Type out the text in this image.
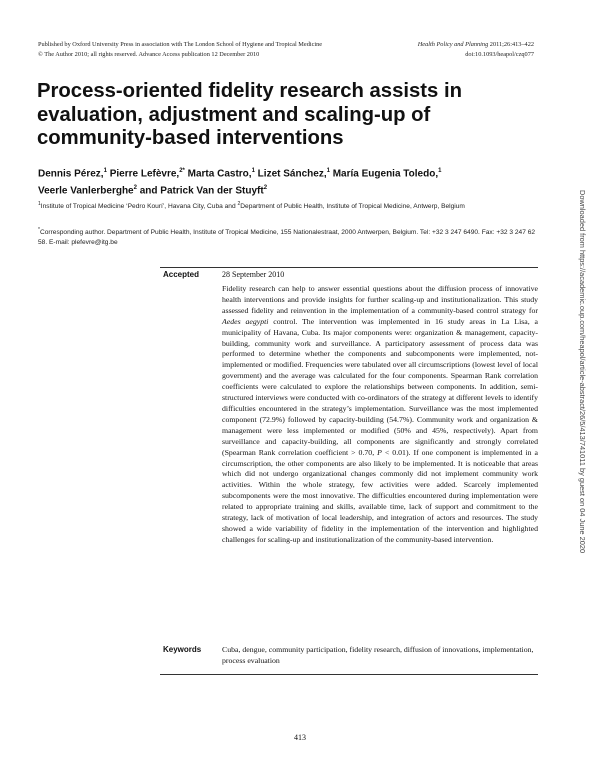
Published by Oxford University Press in association with The London School of Hygiene and Tropical Medicine
© The Author 2010; all rights reserved. Advance Access publication 12 December 2010
Health Policy and Planning 2011;26:413–422
doi:10.1093/heapol/czq077
Process-oriented fidelity research assists in evaluation, adjustment and scaling-up of community-based interventions
Dennis Pérez,$^1$ Pierre Lefèvre,$^{2*}$ Marta Castro,$^1$ Lizet Sánchez,$^1$ María Eugenia Toledo,$^1$
Veerle Vanlerberghe$^2$ and Patrick Van der Stuyft$^2$
$^1$Institute of Tropical Medicine ‘Pedro Kourí’, Havana City, Cuba and $^2$Department of Public Health, Institute of Tropical Medicine, Antwerp, Belgium
*Corresponding author. Department of Public Health, Institute of Tropical Medicine, 155 Nationalestraat, 2000 Antwerpen, Belgium. Tel: +32 3 247 6490. Fax: +32 3 247 62 58. E-mail: plefevre@itg.be
Accepted	28 September 2010

Fidelity research can help to answer essential questions about the diffusion process of innovative health interventions and provide insights for further scaling-up and institutionalization. This study assessed fidelity and reinvention in the implementation of a community-based control strategy for Aedes aegypti control. The intervention was implemented in 16 study areas in La Lisa, a municipality of Havana, Cuba. Its major components were: organization & management, capacity-building, community work and surveillance. A participatory assessment of process data was performed to determine whether the components and subcomponents were implemented, not-implemented or modified. Frequencies were tabulated over all circumscriptions (lowest level of local government) and the average was calculated for the four components. Spearman Rank correlation coefficients were calculated to explore the relationships between components. In addition, semi-structured interviews were conducted with co-ordinators of the strategy at different levels to identify difficulties encountered in the strategy’s implementation. Surveillance was the most implemented component (72.9%) followed by capacity-building (54.7%). Community work and organization & management were less implemented or modified (50% and 45%, respectively). Apart from surveillance and capacity-building, all components are significantly and strongly correlated (Spearman Rank correlation coefficient > 0.70, P < 0.01). If one component is implemented in a circumscription, the other components are also likely to be implemented. It is noticeable that areas which did not undergo organizational changes commonly did not implement community work activities. Within the whole strategy, few activities were added. Scarcely implemented subcomponents were the most innovative. The difficulties encountered during implementation were related to appropriate training and skills, available time, lack of support and commitment to the strategy, lack of motivation of local leadership, and integration of actors and resources. The study showed a wide variability of fidelity in the implementation of the intervention and highlighted challenges for scaling-up and institutionalization of the community-based intervention.

Keywords	Cuba, dengue, community participation, fidelity research, diffusion of innovations, implementation, process evaluation
413
Downloaded from https://academic.oup.com/heapol/article-abstract/26/5/413/741011 by guest on 04 June 2020
